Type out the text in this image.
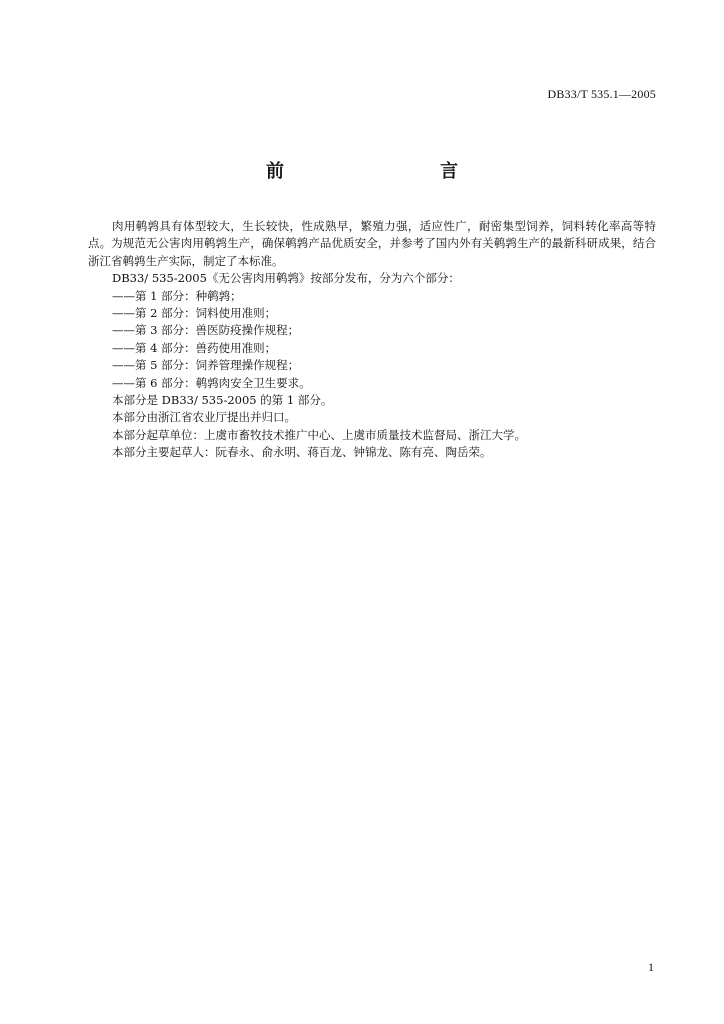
DB33/T 535.1—2005
前　　言

肉用鹌鹑具有体型较大，生长较快，性成熟早，繁殖力强，适应性广，耐密集型饲养，饲料转化率高等特点。为规范无公害肉用鹌鹑生产，确保鹌鹑产品优质安全，并参考了国内外有关鹌鹑生产的最新科研成果，结合浙江省鹌鹑生产实际，制定了本标准。

DB33/ 535-2005《无公害肉用鹌鹑》按部分发布，分为六个部分：

——第 1 部分：种鹌鹑；

——第 2 部分：饲料使用准则；

——第 3 部分：兽医防疫操作规程；

——第 4 部分：兽药使用准则；

——第 5 部分：饲养管理操作规程；

——第 6 部分：鹌鹑肉安全卫生要求。

本部分是 DB33/ 535-2005 的第 1 部分。

本部分由浙江省农业厅提出并归口。

本部分起草单位：上虞市畜牧技术推广中心、上虞市质量技术监督局、浙江大学。

本部分主要起草人：阮春永、俞永明、蒋百龙、钟锦龙、陈有亮、陶岳荣。

1
